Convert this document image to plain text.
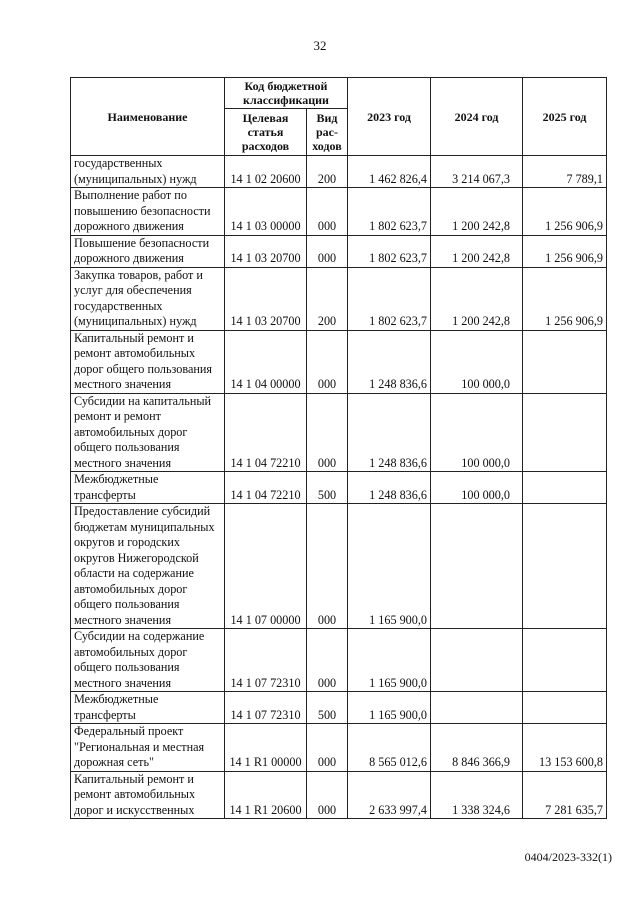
32
Наименование	Код бюджетной классификации		2023 год	2024 год	2025 год
	Целевая статья расходов	Вид рас-ходов			
государственных (муниципальных) нужд	14 1 02 20600	200	1 462 826,4	3 214 067,3	7 789,1
Выполнение работ по повышению безопасности дорожного движения	14 1 03 00000	000	1 802 623,7	1 200 242,8	1 256 906,9
Повышение безопасности дорожного движения	14 1 03 20700	000	1 802 623,7	1 200 242,8	1 256 906,9
Закупка товаров, работ и услуг для обеспечения государственных (муниципальных) нужд	14 1 03 20700	200	1 802 623,7	1 200 242,8	1 256 906,9
Капитальный ремонт и ремонт автомобильных дорог общего пользования местного значения	14 1 04 00000	000	1 248 836,6	100 000,0	
Субсидии на капитальный ремонт и ремонт автомобильных дорог общего пользования местного значения	14 1 04 72210	000	1 248 836,6	100 000,0	
Межбюджетные трансферты	14 1 04 72210	500	1 248 836,6	100 000,0	
Предоставление субсидий бюджетам муниципальных округов и городских округов Нижегородской области на содержание автомобильных дорог общего пользования местного значения	14 1 07 00000	000	1 165 900,0		
Субсидии на содержание автомобильных дорог общего пользования местного значения	14 1 07 72310	000	1 165 900,0		
Межбюджетные трансферты	14 1 07 72310	500	1 165 900,0		
Федеральный проект "Региональная и местная дорожная сеть"	14 1 R1 00000	000	8 565 012,6	8 846 366,9	13 153 600,8
Капитальный ремонт и ремонт автомобильных дорог и искусственных	14 1 R1 20600	000	2 633 997,4	1 338 324,6	7 281 635,7
0404/2023-332(1)
